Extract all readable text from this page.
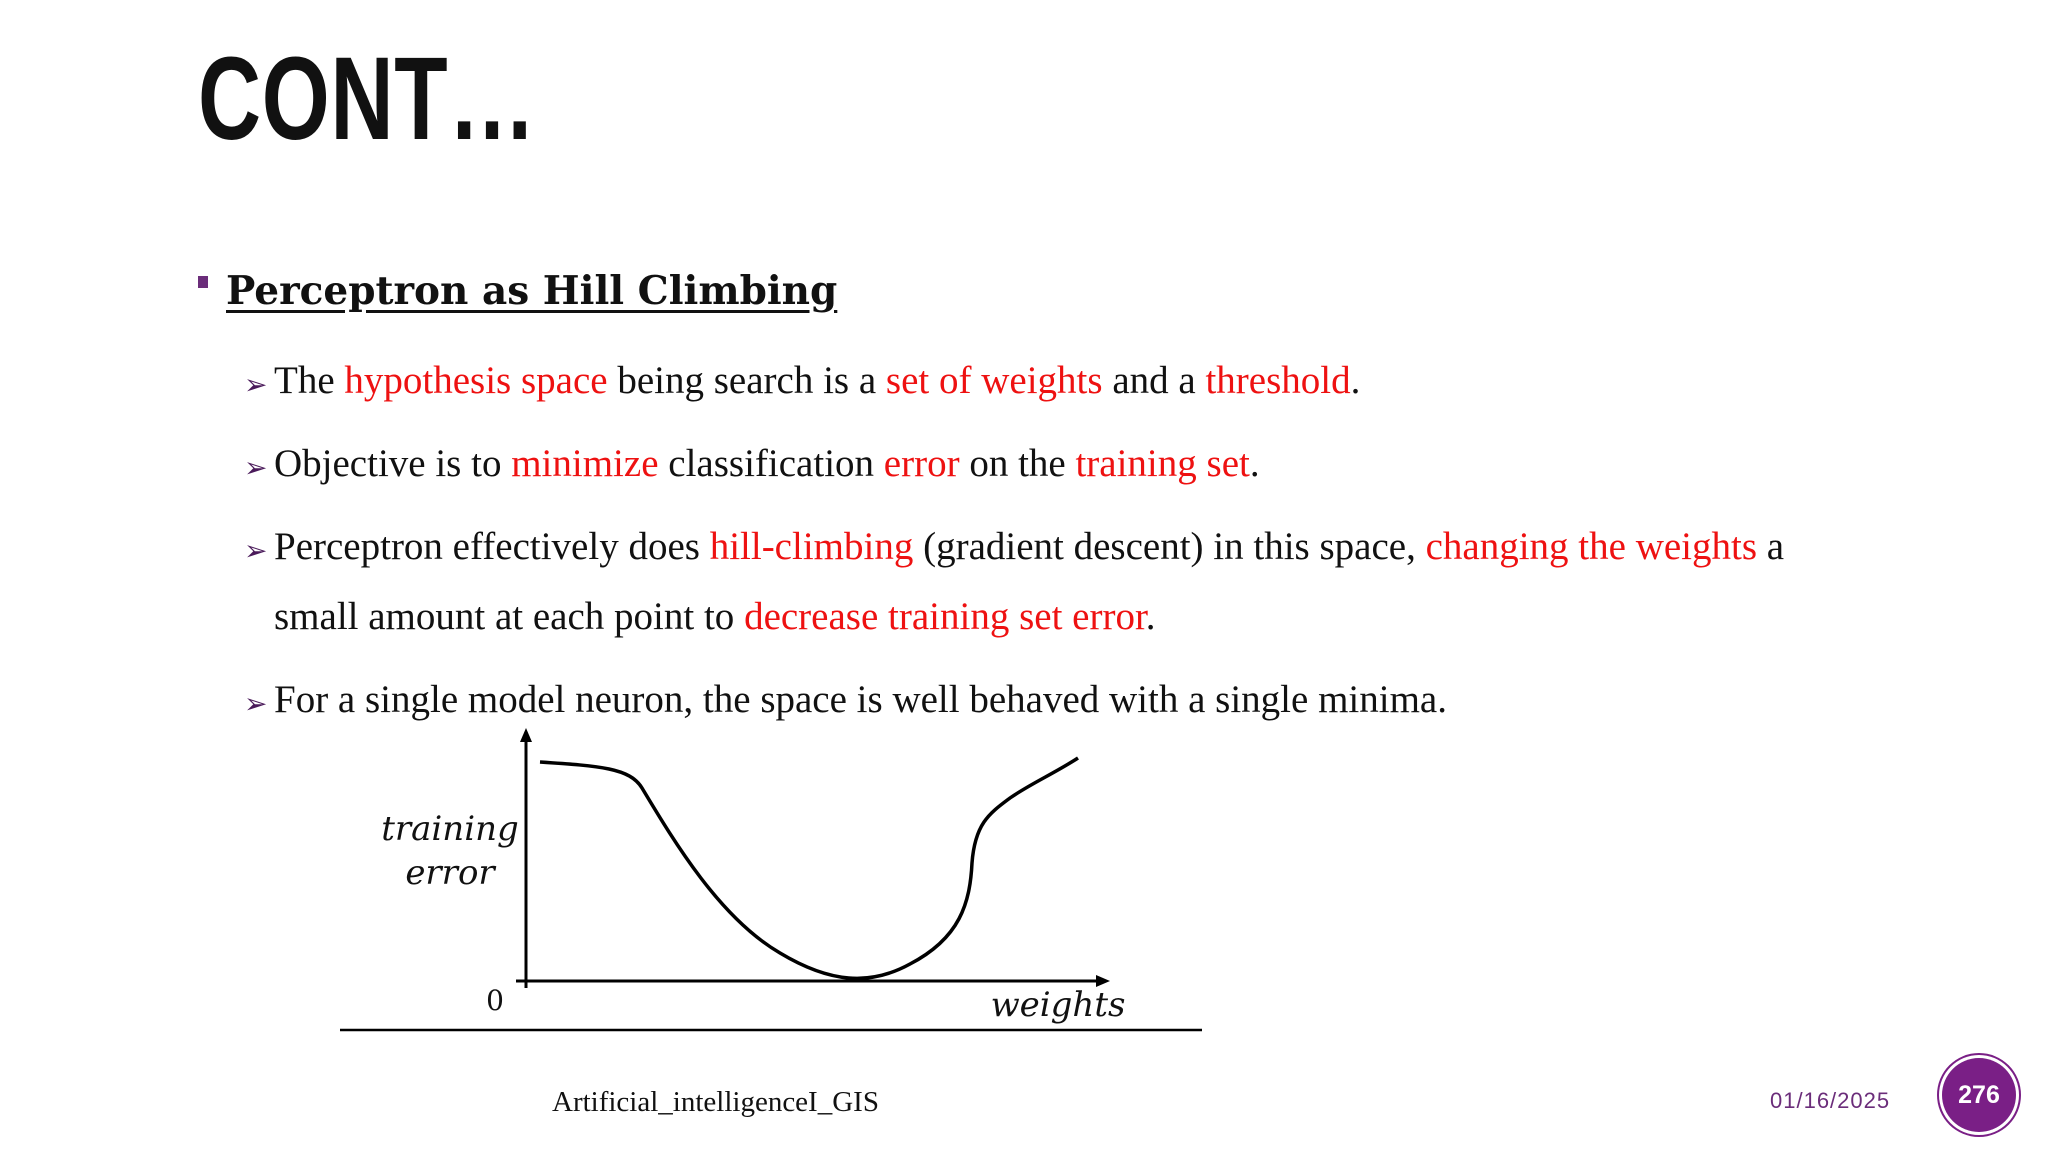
CONT…
Perceptron as Hill Climbing
➢ The hypothesis space being search is a set of weights and a threshold.
➢ Objective is to minimize classification error on the training set.
➢ Perceptron effectively does hill-climbing (gradient descent) in this space, changing the weights a small amount at each point to decrease training set error.
➢ For a single model neuron, the space is well behaved with a single minima.
training
error
0	weights
Artificial_intelligenceI_GIS	01/16/2025	276
